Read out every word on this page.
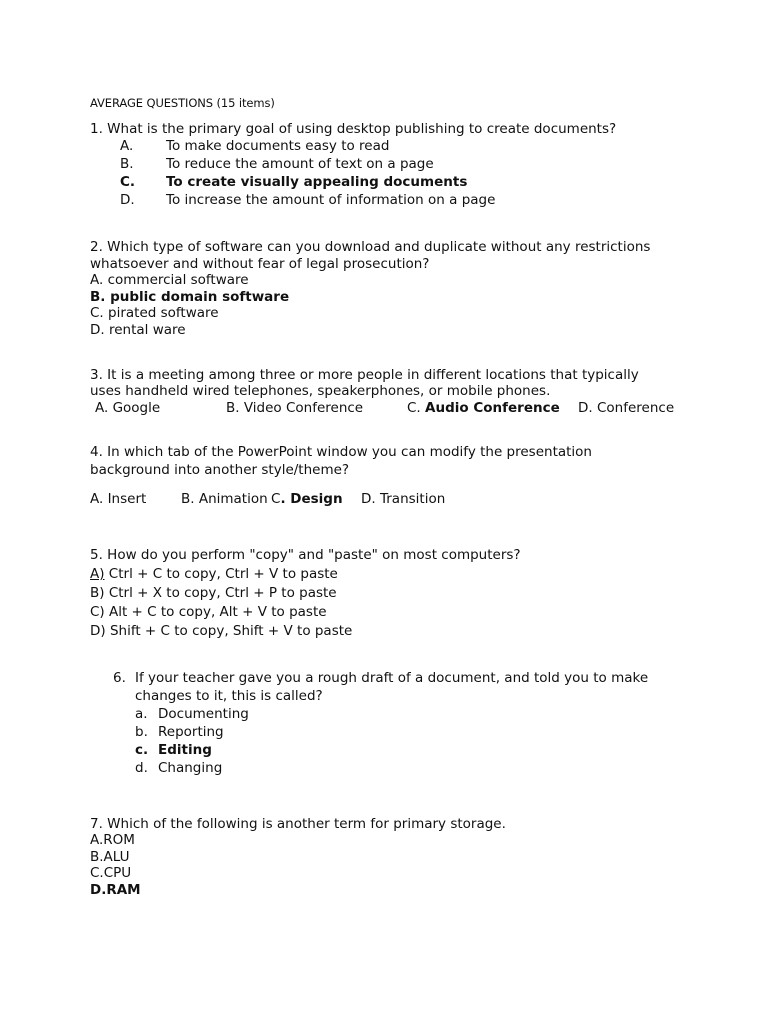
AVERAGE QUESTIONS (15 items)
1. What is the primary goal of using desktop publishing to create documents?
A. To make documents easy to read
B. To reduce the amount of text on a page
C. To create visually appealing documents
D. To increase the amount of information on a page
2. Which type of software can you download and duplicate without any restrictions
whatsoever and without fear of legal prosecution?
A. commercial software
B. public domain software
C. pirated software
D. rental ware
3. It is a meeting among three or more people in different locations that typically
uses handheld wired telephones, speakerphones, or mobile phones.
A. Google	B. Video Conference	C. Audio Conference D. Conference
4. In which tab of the PowerPoint window you can modify the presentation
background into another style/theme?
A. Insert	B. Animation C. Design D. Transition
5. How do you perform "copy" and "paste" on most computers?
A) Ctrl + C to copy, Ctrl + V to paste
B) Ctrl + X to copy, Ctrl + P to paste
C) Alt + C to copy, Alt + V to paste
D) Shift + C to copy, Shift + V to paste
6. If your teacher gave you a rough draft of a document, and told you to make
changes to it, this is called?
a. Documenting
b. Reporting
c. Editing
d. Changing
7. Which of the following is another term for primary storage.
A.ROM
B.ALU
C.CPU
D.RAM
